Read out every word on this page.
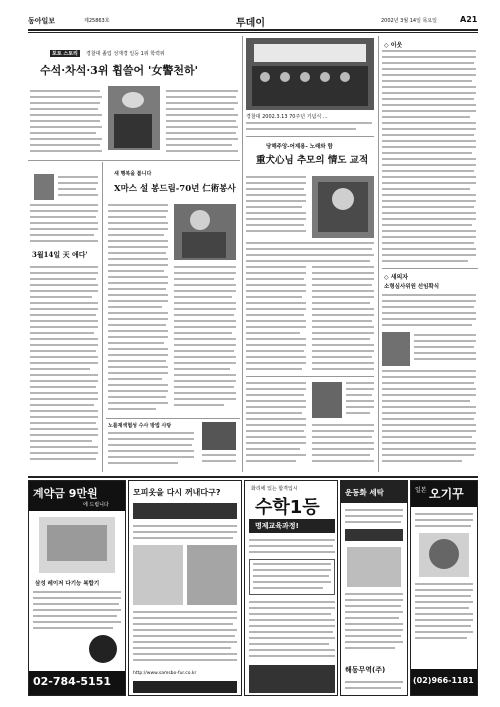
동아일보	제25863호	투데이	2002년 3월 14일 목요일	A21
포토 스토리	경찰대 졸업 성재경 일등 1위 학력위
수석·차석·3위 휩쓸어 '女警천하'
3월14일 天 애다'
새 행복을 봅니다
X마스 설 봉드림-70년 仁術봉사
노를재색협성 수사 방법 사탕
경찰대 2002.3.13 70주년 기념식 ...
당해주앙-어제용- 노래와 함
重犬心님 추모의 情도 교적
◇ 이웃
◇ 새의자
소형심사위원 선임확식
계약금 9만원
에 드립니다
삼성 레이저 다기능 복합기
02-784-5151
모피옷을 다시 꺼내다구?
http://www.samsbo-fur.co.kr
화리에 있는 합격입시
수학1등
명제교육과정!
운동화 세탁
해동무역(주)
일본 오기꾸
(02)966-1181
